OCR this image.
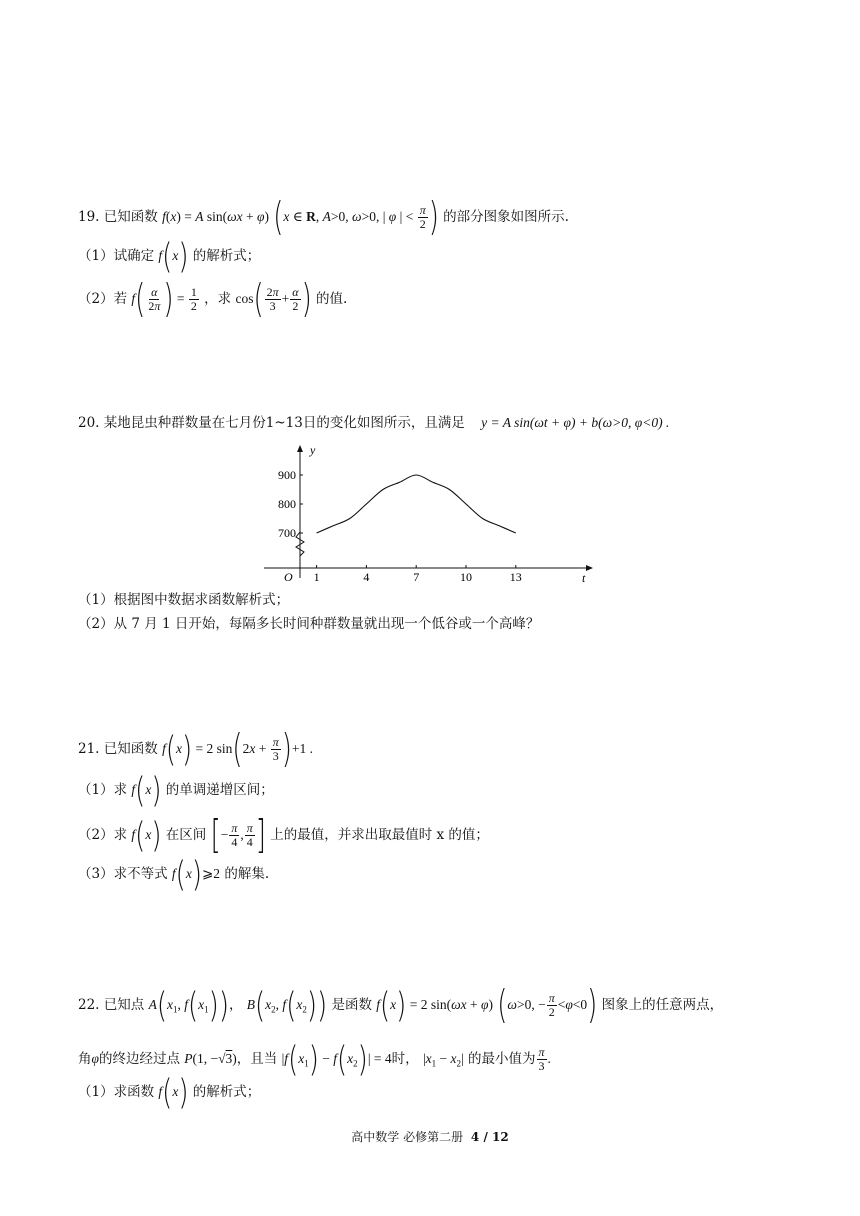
19. 已知函数 f(x) = A sin(ωx + φ) (x ∈ R, A>0, ω>0, | φ | < $\frac{\pi}{2}$ ) 的部分图象如图所示.
（1）试确定 f(x) 的解析式；
（2）若 $f( \frac{\alpha}{2\pi}$ ) = $\frac{1}{2}$ ，求 $\cos( \frac{2\pi}{3} + \frac{\alpha}{2}$ ) 的值.
20. 某地昆虫种群数量在七月份1~13日的变化如图所示，且满足 y = A sin(ωt + φ) + b(ω>0, φ<0) .
y
t
O 1	4	7	10	13
700
800
900
（1）根据图中数据求函数解析式；
（2）从 7 月 1 日开始，每隔多长时间种群数量就出现一个低谷或一个高峰？
21. 已知函数 f(x) = 2 $\sin(2x + \frac{\pi}{3} )+1$ .
（1）求 f(x) 的单调递增区间；
（2）求 f(x) 在区间 [− $\frac{\pi}{4}$ , $\frac{\pi}{4}$ ] 上的最值，并求出取最值时 x 的值；
（3）求不等式 f(x)⩾2 的解集.
22. 已知点 $A(x_1$, $f(x_1)$)， $B(x_2$, $f(x_2)$) 是函数 f(x) = 2 sin(ωx + φ) (ω>0, − $\frac{\pi}{2} <\varphi<0$) 图象上的任意两点，
角φ的终边经过点 P(1, −√3)，且当 $|f(x_1) - f(x_2)| = 4$时， $|x_1 - x_2|$ 的最小值为 $\frac{\pi}{3}$ .
（1）求函数 f(x) 的解析式；
高中数学 必修第二册 4 / 12
